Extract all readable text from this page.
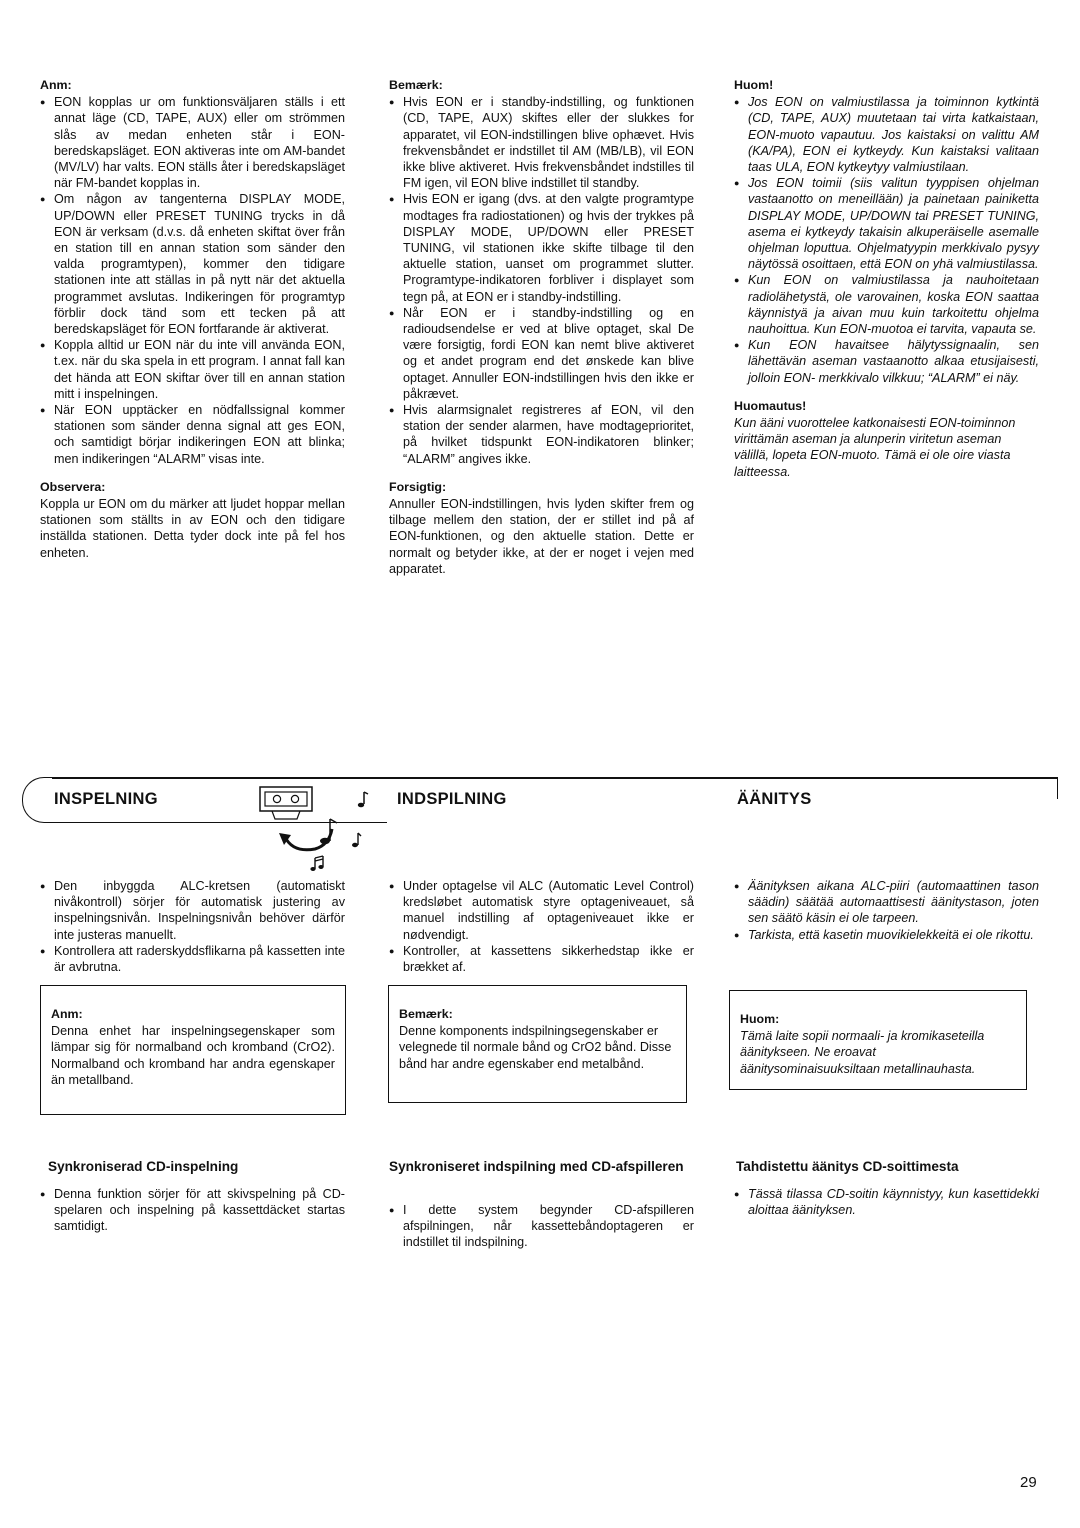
Anm:
● EON kopplas ur om funktionsväljaren ställs i ett annat läge (CD, TAPE, AUX) eller om strömmen slås av medan enheten står i EON-beredskapsläget. EON aktiveras inte om AM-bandet (MV/LV) har valts. EON ställs åter i beredskapsläget när FM-bandet kopplas in.
● Om någon av tangenterna DISPLAY MODE, UP/DOWN eller PRESET TUNING trycks in då EON är verksam (d.v.s. då enheten skiftat över från en station till en annan station som sänder den valda programtypen), kommer den tidigare stationen inte att ställas in på nytt när det aktuella programmet avslutas. Indikeringen för programtyp förblir dock tänd som ett tecken på att beredskapsläget för EON fortfarande är aktiverat.
● Koppla alltid ur EON när du inte vill använda EON, t.ex. när du ska spela in ett program. I annat fall kan det hända att EON skiftar över till en annan station mitt i inspelningen.
● När EON upptäcker en nödfallssignal kommer stationen som sänder denna signal att ges EON, och samtidigt börjar indikeringen EON att blinka; men indikeringen “ALARM” visas inte.
Observera:

Koppla ur EON om du märker att ljudet hoppar mellan stationen som ställts in av EON och den tidigare inställda stationen. Detta tyder dock inte på fel hos enheten.

Bemærk:
● Hvis EON er i standby-indstilling, og funktionen (CD, TAPE, AUX) skiftes eller der slukkes for apparatet, vil EON-indstillingen blive ophævet. Hvis frekvensbåndet er indstillet til AM (MB/LB), vil EON ikke blive aktiveret. Hvis frekvensbåndet indstilles til FM igen, vil EON blive indstillet til standby.
● Hvis EON er igang (dvs. at den valgte programtype modtages fra radiostationen) og hvis der trykkes på DISPLAY MODE, UP/DOWN eller PRESET TUNING, vil stationen ikke skifte tilbage til den aktuelle station, uanset om programmet slutter. Programtype-indikatoren forbliver i displayet som tegn på, at EON er i standby-indstilling.
● Når EON er i standby-indstilling og en radioudsendelse er ved at blive optaget, skal De være forsigtig, fordi EON kan nemt blive aktiveret og et andet program end det ønskede kan blive optaget. Annuller EON-indstillingen hvis den ikke er påkrævet.
● Hvis alarmsignalet registreres af EON, vil den station der sender alarmen, have modtageprioritet, på hvilket tidspunkt EON-indikatoren blinker; “ALARM” angives ikke.
Forsigtig:

Annuller EON-indstillingen, hvis lyden skifter frem og tilbage mellem den station, der er stillet ind på af EON-funktionen, og den aktuelle station. Dette er normalt og betyder ikke, at der er noget i vejen med apparatet.

Huom!
● Jos EON on valmiustilassa ja toiminnon kytkintä (CD, TAPE, AUX) muutetaan tai virta katkaistaan, EON-muoto vapautuu. Jos kaistaksi on valittu AM (KA/PA), EON ei kytkeydy. Kun kaistaksi valitaan taas ULA, EON kytkeytyy valmiustilaan.
● Jos EON toimii (siis valitun tyyppisen ohjelman vastaanotto on meneillään) ja painetaan painiketta DISPLAY MODE, UP/DOWN tai PRESET TUNING, asema ei kytkeydy takaisin alkuperäiselle asemalle ohjelman loputtua. Ohjelmatyypin merkkivalo pysyy näytössä osoittaen, että EON on yhä valmiustilassa.
● Kun EON on valmiustilassa ja nauhoitetaan radiolähetystä, ole varovainen, koska EON saattaa käynnistyä ja aivan muu kuin tarkoitettu ohjelma nauhoittua. Kun EON-muotoa ei tarvita, vapauta se.
● Kun EON havaitsee hälytyssignaalin, sen lähettävän aseman vastaanotto alkaa etusijaisesti, jolloin EON- merkkivalo vilkkuu; “ALARM” ei näy.
Huomautus!

Kun ääni vuorottelee katkonaisesti EON-toiminnon virittämän aseman ja alunperin viritetun aseman välillä, lopeta EON-muoto. Tämä ei ole oire viasta laitteessa.

INSPELNING	INDSPILNING	ÄÄNITYS
● Den inbyggda ALC-kretsen (automatiskt nivåkontroll) sörjer för automatisk justering av inspelningsnivån. Inspelningsnivån behöver därför inte justeras manuellt.
● Kontrollera att raderskyddsflikarna på kassetten inte är avbrutna.
Anm:

Denna enhet har inspelningsegenskaper som lämpar sig för normalband och kromband (CrO2). Normalband och kromband har andra egenskaper än metallband.

● Under optagelse vil ALC (Automatic Level Control) kredsløbet automatisk styre optageniveauet, så manuel indstilling af optageniveauet ikke er nødvendigt.
● Kontroller, at kassettens sikkerhedstap ikke er brækket af.
Bemærk:

Denne komponents indspilningsegenskaber er velegnede til normale bånd og CrO2 bånd. Disse bånd har andre egenskaber end metalbånd.

● Äänityksen aikana ALC-piiri (automaattinen tason säädin) säätää automaattisesti äänitystason, joten sen säätö käsin ei ole tarpeen.
● Tarkista, että kasetin muovikielekkeitä ei ole rikottu.
Huom:

Tämä laite sopii normaali- ja kromikaseteilla äänitykseen. Ne eroavat äänitysominaisuuksiltaan metallinauhasta.

Synkroniserad CD-inspelning	Synkroniseret indspilning med CD-afspilleren	Tahdistettu äänitys CD-soittimesta
● Denna funktion sörjer för att skivspelning på CD-spelaren och inspelning på kassettdäcket startas samtidigt.
● I dette system begynder CD-afspilleren afspilningen, når kassettebåndoptageren er indstillet til indspilning.
● Tässä tilassa CD-soitin käynnistyy, kun kasettidekki aloittaa äänityksen.
29
